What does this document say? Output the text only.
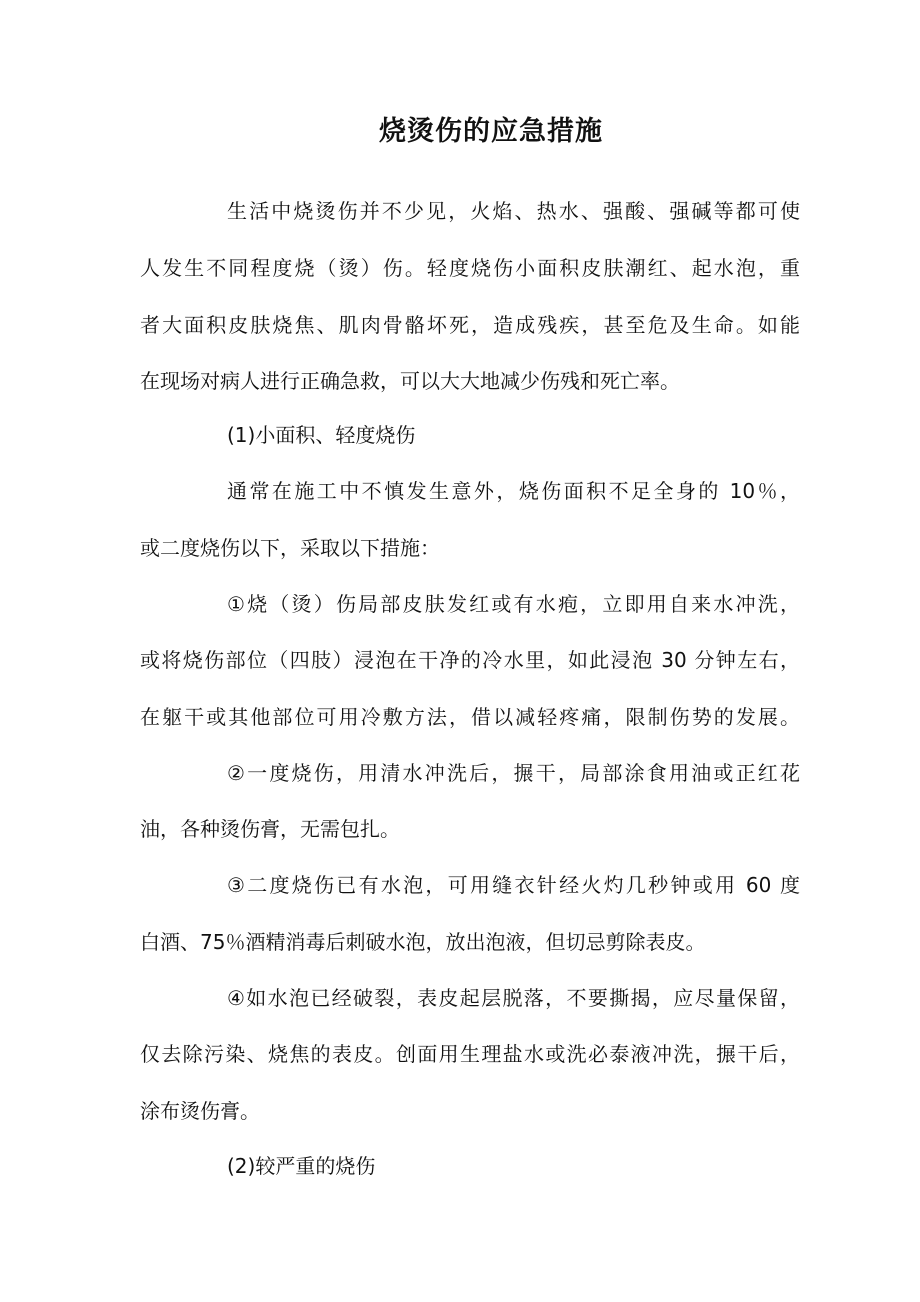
烧烫伤的应急措施

生活中烧烫伤并不少见，火焰、热水、强酸、强碱等都可使

人发生不同程度烧（烫）伤。轻度烧伤小面积皮肤潮红、起水泡，重

者大面积皮肤烧焦、肌肉骨骼坏死，造成残疾，甚至危及生命。如能

在现场对病人进行正确急救，可以大大地减少伤残和死亡率。

(1)小面积、轻度烧伤

通常在施工中不慎发生意外，烧伤面积不足全身的 10％，

或二度烧伤以下，采取以下措施：

①烧（烫）伤局部皮肤发红或有水疱，立即用自来水冲洗，

或将烧伤部位（四肢）浸泡在干净的冷水里，如此浸泡 30 分钟左右，

在躯干或其他部位可用冷敷方法，借以减轻疼痛，限制伤势的发展。

②一度烧伤，用清水冲洗后，搌干，局部涂食用油或正红花

油，各种烫伤膏，无需包扎。

③二度烧伤已有水泡，可用缝衣针经火灼几秒钟或用 60 度

白酒、75％酒精消毒后刺破水泡，放出泡液，但切忌剪除表皮。

④如水泡已经破裂，表皮起层脱落，不要撕揭，应尽量保留，

仅去除污染、烧焦的表皮。创面用生理盐水或洗必泰液冲洗，搌干后，

涂布烫伤膏。

(2)较严重的烧伤
